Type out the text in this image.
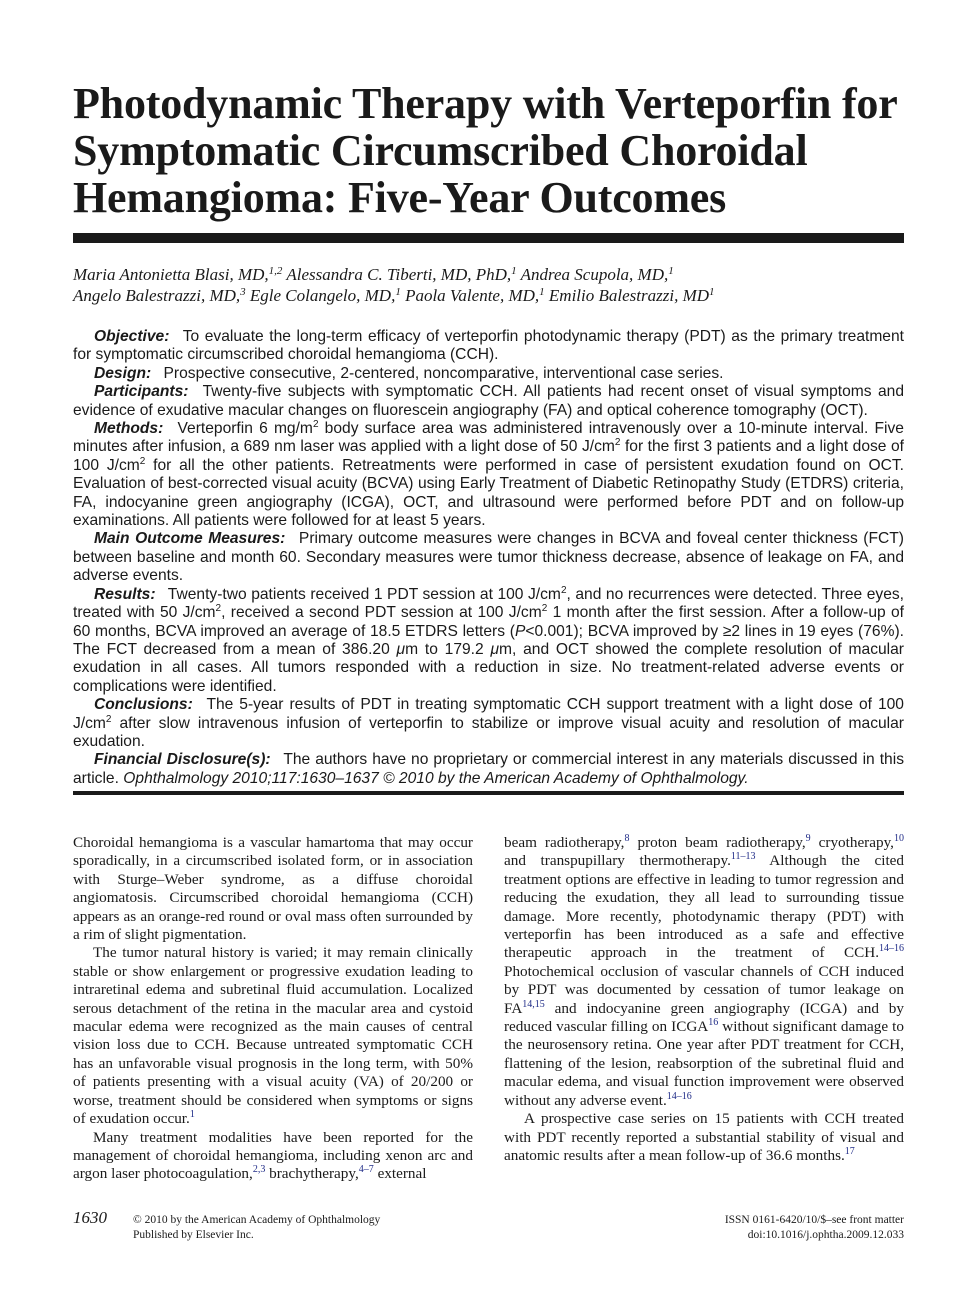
Photodynamic Therapy with Verteporfin for
Symptomatic Circumscribed Choroidal
Hemangioma: Five-Year Outcomes
Maria Antonietta Blasi, MD,$^{1,2}$ Alessandra C. Tiberti, MD, PhD,$^1$ Andrea Scupola, MD,$^1$
Angelo Balestrazzi, MD,$^3$ Egle Colangelo, MD,$^1$ Paola Valente, MD,$^1$ Emilio Balestrazzi, $MD^1$

Objective: To evaluate the long-term efficacy of verteporfin photodynamic therapy (PDT) as the primary treatment for symptomatic circumscribed choroidal hemangioma (CCH).

Design: Prospective consecutive, 2-centered, noncomparative, interventional case series.

Participants: Twenty-five subjects with symptomatic CCH. All patients had recent onset of visual symptoms and evidence of exudative macular changes on fluorescein angiography (FA) and optical coherence tomography (OCT).

Methods: Verteporfin 6 $mg/m^2$ body surface area was administered intravenously over a 10-minute interval. Five minutes after infusion, a 689 nm laser was applied with a light dose of 50 $J/cm^2$ for the first 3 patients and a light dose of 100 $J/cm^2$ for all the other patients. Retreatments were performed in case of persistent exudation found on OCT. Evaluation of best-corrected visual acuity (BCVA) using Early Treatment of Diabetic Retinopathy Study (ETDRS) criteria, FA, indocyanine green angiography (ICGA), OCT, and ultrasound were performed before PDT and on follow-up examinations. All patients were followed for at least 5 years.

Main Outcome Measures: Primary outcome measures were changes in BCVA and foveal center thickness (FCT) between baseline and month 60. Secondary measures were tumor thickness decrease, absence of leakage on FA, and adverse events.

Results: Twenty-two patients received 1 PDT session at 100 $J/cm^2$, and no recurrences were detected. Three eyes, treated with 50 $J/cm^2$, received a second PDT session at 100 $J/cm^2$ 1 month after the first session. After a follow-up of 60 months, BCVA improved an average of 18.5 ETDRS letters (P<0.001); BCVA improved by ≥2 lines in 19 eyes (76%). The FCT decreased from a mean of 386.20 μm to 179.2 μm, and OCT showed the complete resolution of macular exudation in all cases. All tumors responded with a reduction in size. No treatment-related adverse events or complications were identified.

Conclusions: The 5-year results of PDT in treating symptomatic CCH support treatment with a light dose of 100 $J/cm^2$ after slow intravenous infusion of verteporfin to stabilize or improve visual acuity and resolution of macular exudation.

Financial Disclosure(s): The authors have no proprietary or commercial interest in any materials discussed in this article. Ophthalmology 2010;117:1630–1637 © 2010 by the American Academy of Ophthalmology.

Choroidal hemangioma is a vascular hamartoma that may occur sporadically, in a circumscribed isolated form, or in association with Sturge–Weber syndrome, as a diffuse choroidal angiomatosis. Circumscribed choroidal hemangioma (CCH) appears as an orange-red round or oval mass often surrounded by a rim of slight pigmentation.

The tumor natural history is varied; it may remain clinically stable or show enlargement or progressive exudation leading to intraretinal edema and subretinal fluid accumulation. Localized serous detachment of the retina in the macular area and cystoid macular edema were recognized as the main causes of central vision loss due to CCH. Because untreated symptomatic CCH has an unfavorable visual prognosis in the long term, with 50% of patients presenting with a visual acuity (VA) of 20/200 or worse, treatment should be considered when symptoms or signs of exudation occur.$^1$

Many treatment modalities have been reported for the management of choroidal hemangioma, including xenon arc and argon laser photocoagulation,$^{2,3}$ brachytherapy,$^{4-7}$ external

beam radiotherapy,$^8$ proton beam radiotherapy,$^9$ cryotherapy,$^{10}$ and transpupillary thermotherapy.$^{11-13}$ Although the cited treatment options are effective in leading to tumor regression and reducing the exudation, they all lead to surrounding tissue damage. More recently, photodynamic therapy (PDT) with verteporfin has been introduced as a safe and effective therapeutic approach in the treatment of CCH.$^{14-16}$ Photochemical occlusion of vascular channels of CCH induced by PDT was documented by cessation of tumor leakage on FA$^{14,15}$ and indocyanine green angiography (ICGA) and by reduced vascular filling on ICGA$^{16}$ without significant damage to the neurosensory retina. One year after PDT treatment for CCH, flattening of the lesion, reabsorption of the subretinal fluid and macular edema, and visual function improvement were observed without any adverse event.$^{14-16}$

A prospective case series on 15 patients with CCH treated with PDT recently reported a substantial stability of visual and anatomic results after a mean follow-up of 36.6 months.$^{17}$

1630 © 2010 by the American Academy of Ophthalmology
Published by Elsevier Inc.
ISSN 0161-6420/10/$–see front matter
doi:10.1016/j.ophtha.2009.12.033
